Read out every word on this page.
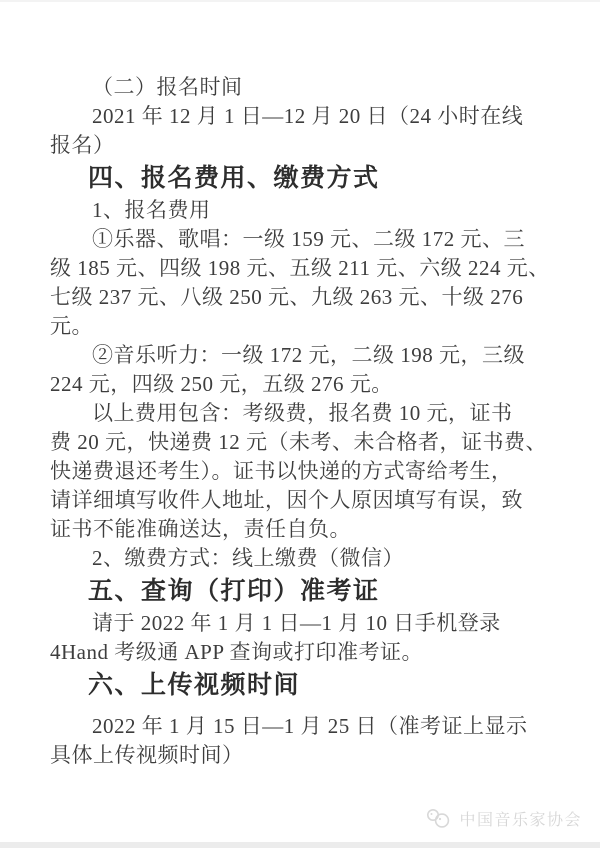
（二）报名时间
2021 年 12 月 1 日—12 月 20 日（24 小时在线
报名）
四、报名费用、缴费方式
1、报名费用
①乐器、歌唱：一级 159 元、二级 172 元、三
级 185 元、四级 198 元、五级 211 元、六级 224 元、
七级 237 元、八级 250 元、九级 263 元、十级 276
元。
②音乐听力：一级 172 元，二级 198 元，三级
224 元，四级 250 元，五级 276 元。
以上费用包含：考级费，报名费 10 元，证书
费 20 元，快递费 12 元（未考、未合格者，证书费、
快递费退还考生）。证书以快递的方式寄给考生，
请详细填写收件人地址，因个人原因填写有误，致
证书不能准确送达，责任自负。
2、缴费方式：线上缴费（微信）
五、查询（打印）准考证
请于 2022 年 1 月 1 日—1 月 10 日手机登录
4Hand 考级通 APP 查询或打印准考证。
六、上传视频时间
2022 年 1 月 15 日—1 月 25 日（准考证上显示
具体上传视频时间）
中国音乐家协会
